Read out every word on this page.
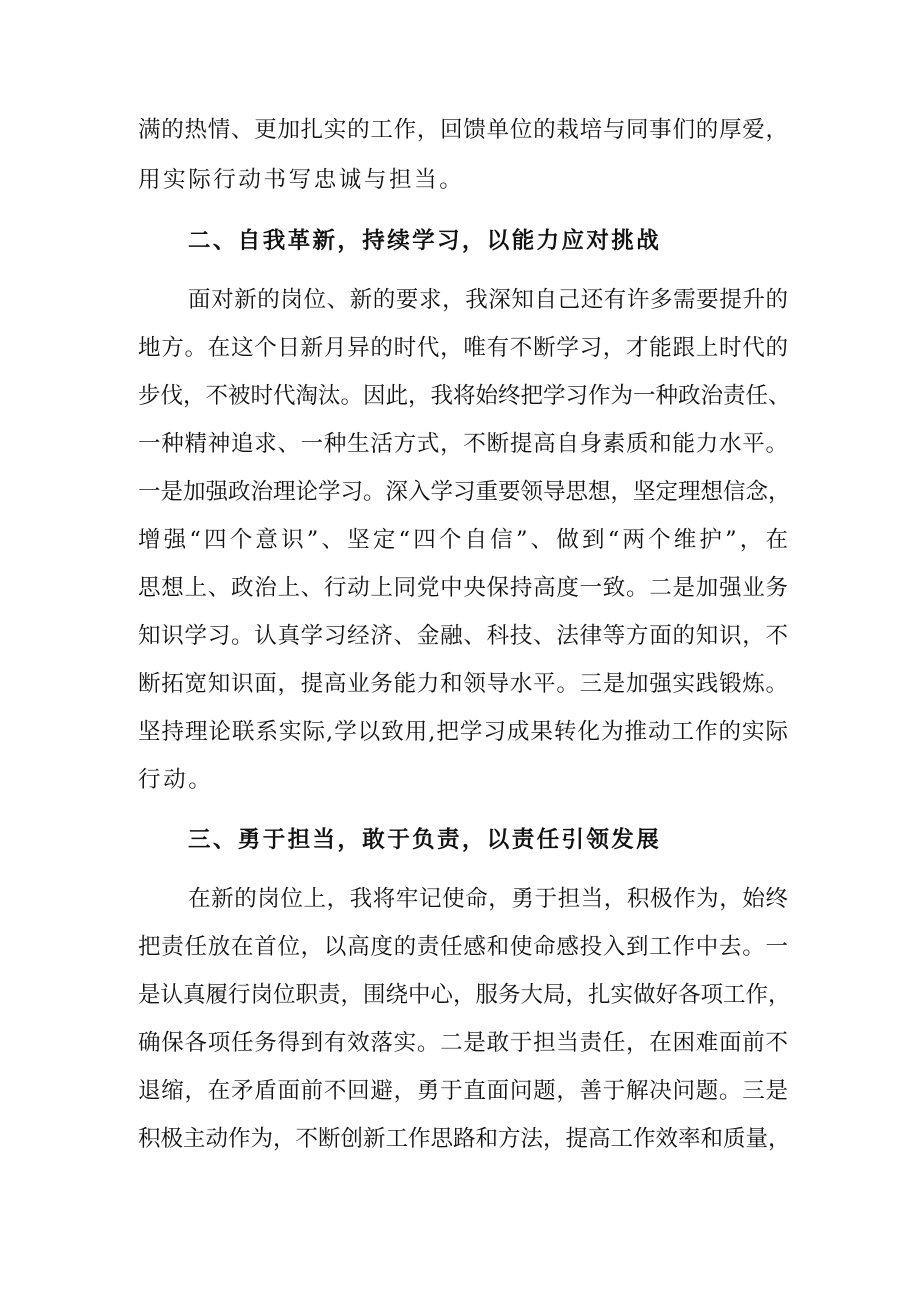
满的热情、更加扎实的工作，回馈单位的栽培与同事们的厚爱，
用实际行动书写忠诚与担当。
二、自我革新，持续学习，以能力应对挑战
面对新的岗位、新的要求，我深知自己还有许多需要提升的
地方。在这个日新月异的时代，唯有不断学习，才能跟上时代的
步伐，不被时代淘汰。因此，我将始终把学习作为一种政治责任、
一种精神追求、一种生活方式，不断提高自身素质和能力水平。
一是加强政治理论学习。深入学习重要领导思想，坚定理想信念，
增强“四个意识”、坚定“四个自信”、做到“两个维护”，在
思想上、政治上、行动上同党中央保持高度一致。二是加强业务
知识学习。认真学习经济、金融、科技、法律等方面的知识，不
断拓宽知识面，提高业务能力和领导水平。三是加强实践锻炼。
坚持理论联系实际,学以致用,把学习成果转化为推动工作的实际
行动。
三、勇于担当，敢于负责，以责任引领发展
在新的岗位上，我将牢记使命，勇于担当，积极作为，始终
把责任放在首位，以高度的责任感和使命感投入到工作中去。一
是认真履行岗位职责，围绕中心，服务大局，扎实做好各项工作，
确保各项任务得到有效落实。二是敢于担当责任，在困难面前不
退缩，在矛盾面前不回避，勇于直面问题，善于解决问题。三是
积极主动作为，不断创新工作思路和方法，提高工作效率和质量，
